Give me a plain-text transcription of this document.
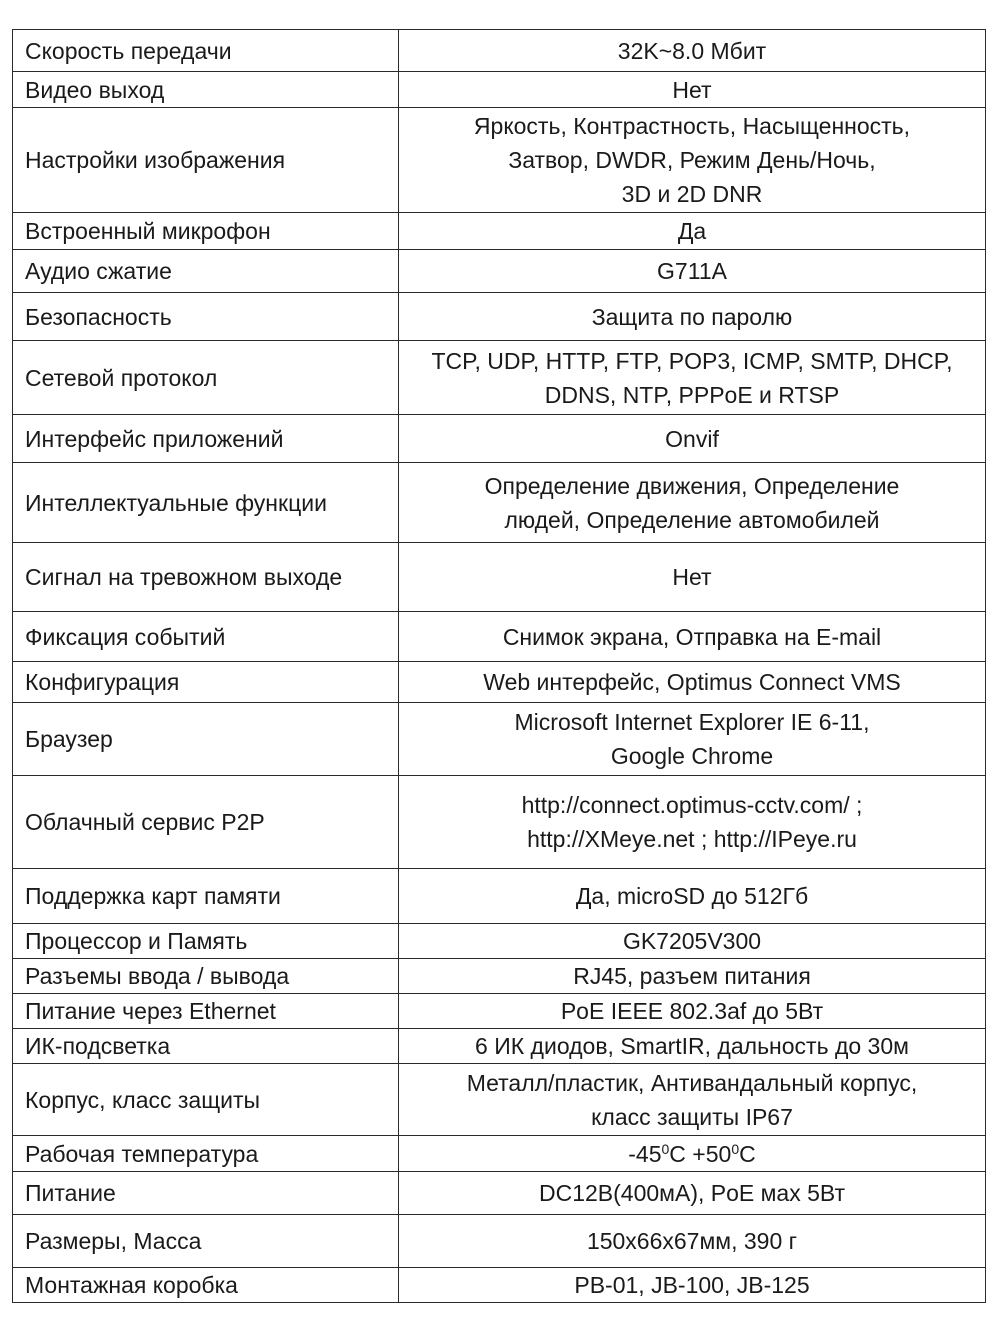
Скорость передачи	32K~8.0 Мбит

Видео выход	Нет

Настройки изображения	Яркость, Контрастность, Насыщенность,
Затвор, DWDR, Режим День/Ночь,
3D и 2D DNR

Встроенный микрофон	Да

Аудио сжатие	G711A

Безопасность	Защита по паролю

Сетевой протокол	TCP, UDP, HTTP, FTP, POP3, ICMP, SMTP, DHCP,
DDNS, NTP, PPPoE и RTSP

Интерфейс приложений	Onvif

Интеллектуальные функции	Определение движения, Определение
людей, Определение автомобилей

Сигнал на тревожном выходе	Нет

Фиксация событий	Снимок экрана, Отправка на E-mail

Конфигурация	Web интерфейс, Optimus Connect VMS

Браузер	Microsoft Internet Explorer IE 6-11,
Google Chrome

Облачный сервис P2P	http://connect.optimus-cctv.com/ ;
http://XMeye.net ; http://IPeye.ru

Поддержка карт памяти	Да, microSD до 512Гб

Процессор и Память	GK7205V300

Разъемы ввода / вывода	RJ45, разъем питания

Питание через Ethernet	PoE IEEE 802.3af до 5Вт

ИК-подсветка	6 ИК диодов, SmartIR, дальность до 30м

Корпус, класс защиты	Металл/пластик, Антивандальный корпус,
класс защиты IP67

Рабочая температура	$-45^0C +50^0C$
Питание	DC12В(400мА), PoE мах 5Вт

Размеры, Масса	150х66х67мм, 390 г

Монтажная коробка	PB-01, JB-100, JB-125
